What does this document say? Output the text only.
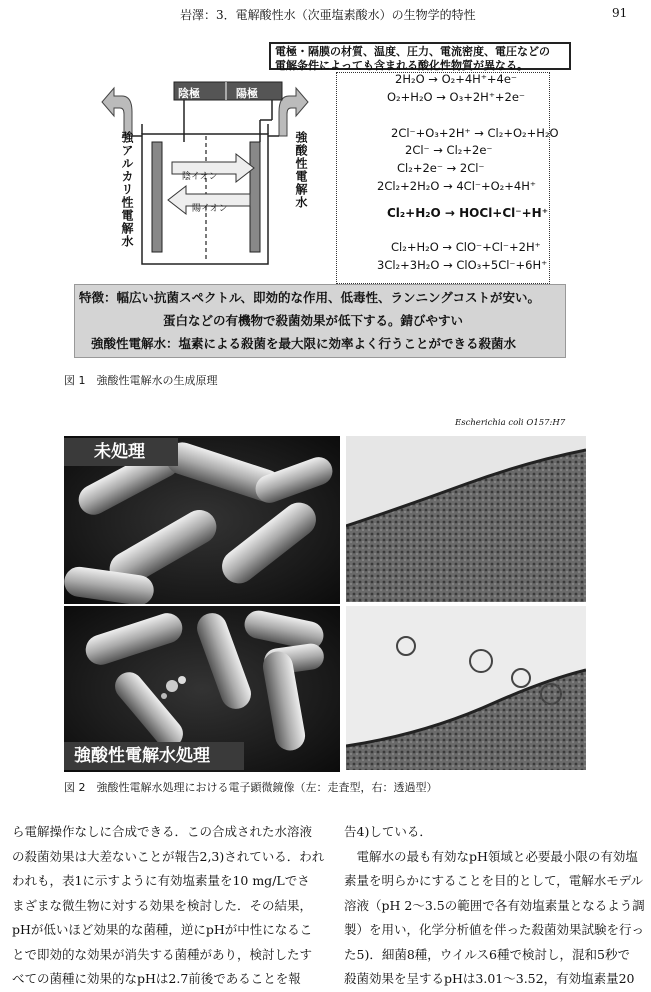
岩澤：3．電解酸性水（次亜塩素酸水）の生物学的特性	91
電極・隔膜の材質、温度、圧力、電流密度、電圧などの
電解条件によっても含まれる酸化性物質が異なる。
陰極	陽極
陰イオン
陽イオン
強アルカリ性電解水	強酸性電解水
2H₂O → O₂+4H⁺+4e⁻
O₂+H₂O → O₃+2H⁺+2e⁻
2Cl⁻+O₃+2H⁺ → Cl₂+O₂+H₂O
2Cl⁻ → Cl₂+2e⁻
Cl₂+2e⁻ → 2Cl⁻
2Cl₂+2H₂O → 4Cl⁻+O₂+4H⁺
Cl₂+H₂O → HOCl+Cl⁻+H⁺
Cl₂+H₂O → ClO⁻+Cl⁻+2H⁺
3Cl₂+3H₂O → ClO₃+5Cl⁻+6H⁺
特徴：幅広い抗菌スペクトル、即効的な作用、低毒性、ランニングコストが安い。
蛋白などの有機物で殺菌効果が低下する。錆びやすい
強酸性電解水：塩素による殺菌を最大限に効率よく行うことができる殺菌水
図 1　強酸性電解水の生成原理
Escherichia coli O157:H7
未処理
強酸性電解水処理
図 2　強酸性電解水処理における電子顕微鏡像（左：走査型，右：透過型）
ら電解操作なしに合成できる．この合成された水溶液
の殺菌効果は大差ないことが報告2,3)されている．われ
われも，表1に示すように有効塩素量を10 mg/Lでさ
まざまな微生物に対する効果を検討した．その結果，
pHが低いほど効果的な菌種，逆にpHが中性になるこ
とで即効的な効果が消失する菌種があり，検討したす
べての菌種に効果的なpHは2.7前後であることを報
告4)している．
　電解水の最も有効なpH領域と必要最小限の有効塩
素量を明らかにすることを目的として，電解水モデル
溶液（pH 2～3.5の範囲で各有効塩素量となるよう調
製）を用い，化学分析値を伴った殺菌効果試験を行っ
た5)．細菌8種，ウイルス6種で検討し，混和5秒で
殺菌効果を呈するpHは3.01～3.52，有効塩素量20
